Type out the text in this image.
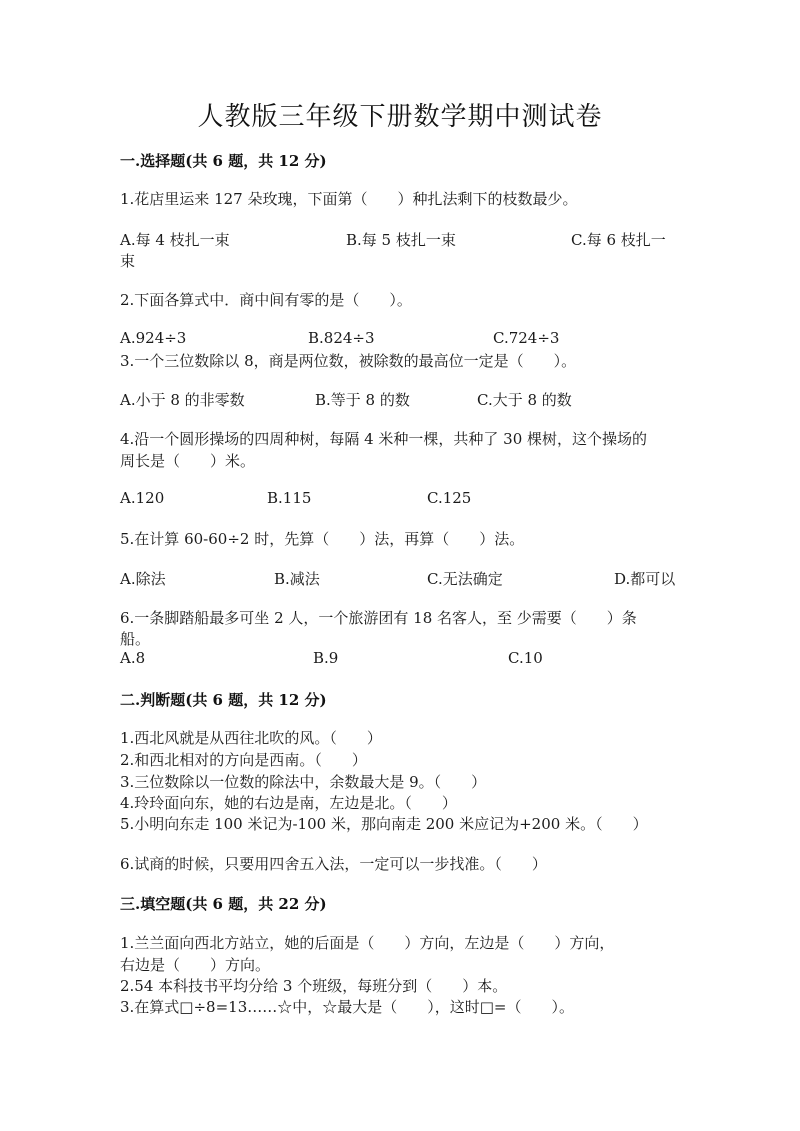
人教版三年级下册数学期中测试卷
一.选择题(共 6 题，共 12 分)
1.花店里运来 127 朵玫瑰，下面第（　　）种扎法剩下的枝数最少。
A.每 4 枝扎一束	B.每 5 枝扎一束	C.每 6 枝扎一
束
2.下面各算式中．商中间有零的是（　　）。
A.924÷3	B.824÷3	C.724÷3
3.一个三位数除以 8，商是两位数，被除数的最高位一定是（　　）。
A.小于 8 的非零数	B.等于 8 的数	C.大于 8 的数
4.沿一个圆形操场的四周种树，每隔 4 米种一棵，共种了 30 棵树，这个操场的
周长是（　　）米。
A.120	B.115	C.125
5.在计算 60-60÷2 时，先算（　　）法，再算（　　）法。
A.除法	B.减法	C.无法确定	D.都可以
6.一条脚踏船最多可坐 2 人，一个旅游团有 18 名客人，至 少需要（　　）条
船。
A.8	B.9	C.10
二.判断题(共 6 题，共 12 分)
1.西北风就是从西往北吹的风。（　　）
2.和西北相对的方向是西南。（　　）
3.三位数除以一位数的除法中，余数最大是 9。（　　）
4.玲玲面向东，她的右边是南，左边是北。（　　）
5.小明向东走 100 米记为-100 米，那向南走 200 米应记为+200 米。（　　）
6.试商的时候，只要用四舍五入法，一定可以一步找准。（　　）
三.填空题(共 6 题，共 22 分)
1.兰兰面向西北方站立，她的后面是（　　）方向，左边是（　　）方向，
右边是（　　）方向。
2.54 本科技书平均分给 3 个班级，每班分到（　　）本。
3.在算式□÷8=13……☆中，☆最大是（　　），这时□=（　　）。
